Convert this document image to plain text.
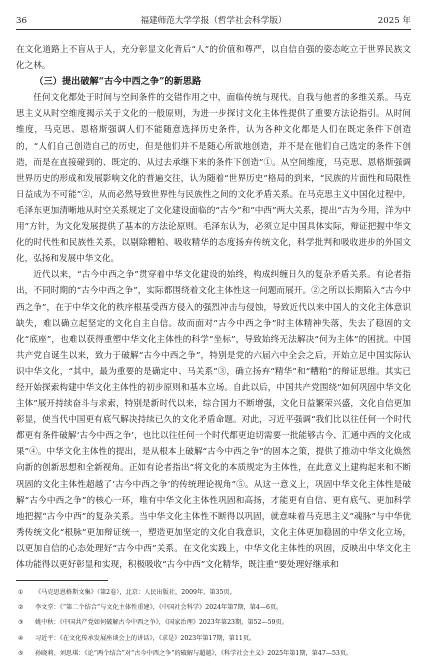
36	福建师范大学学报（哲学社会科学版）	2025 年

在文化道路上不盲从于人，充分彰显文化背后“人”的价值和尊严，以自信自强的姿态屹立于世界民族文化之林。

（三）提出破解“古今中西之争”的新思路

任何文化都处于时间与空间条件的交错作用之中，面临传统与现代、自我与他者的多维关系。马克思主义从时空维度揭示关于文化的一般原则，为进一步探讨文化主体性提供了重要方法论指引。从时间维度，马克思、恩格斯强调人们不能随意选择历史条件，认为各种文化都是人们在既定条件下创造的，“人们自己创造自己的历史，但是他们并不是随心所欲地创造，并不是在他们自己选定的条件下创造，而是在直接碰到的、既定的、从过去承继下来的条件下创造”①。从空间维度，马克思、恩格斯强调世界历史的形成和发展影响文化的普遍交往，认为随着“世界历史”格局的到来，“民族的片面性和局限性日益成为不可能”②，从而必然导致世界性与民族性之间的文化矛盾关系。在马克思主义中国化过程中，毛泽东更加清晰地从时空关系规定了文化建设面临的“古今”和“中西”两大关系，提出“古为今用，洋为中用”方针，为文化发展提供了基本的方法论原则。毛泽东认为，必须立足中国具体实际，辩证把握中华文化的时代性和民族性关系，以剔除糟粕、吸收精华的态度扬弃传统文化，科学批判和吸收进步的外国文化，弘扬和发展中华文化。

近代以来，“古今中西之争”贯穿着中华文化建设的始终，构成纠缠日久的复杂矛盾关系。有论者指出，不同时期的“古今中西之争”，实际都围绕着文化主体性这一问题而展开。②之所以长期陷入“古今中西之争”，在于中华文化的秩序根基受西方侵入的强烈冲击与侵蚀，导致近代以来中国人的文化主体意识缺失，难以确立起坚定的文化自主自信。故而面对“古今中西之争”时主体精神失落，失去了稳固的文化“底座”，也难以获得重塑中华文化主体性的科学“坐标”，导致始终无法解决“何为主体”的困扰。中国共产党自诞生以来，致力于破解“古今中西之争”，特别是党的六届六中全会之后，开始立足中国实际认识中华文化，“其中，最为重要的是确定中、马关系”③，确立扬弃“精华”和“糟粕”的辩证思维。其实已经开始探索构建中华文化主体性的初步原则和基本立场。自此以后，中国共产党围绕“如何巩固中华文化主体”展开持续奋斗与求索，特别是新时代以来，综合国力不断增强，文化日益繁荣兴盛，文化自信更加彰显，使当代中国更有底气解决持续已久的文化矛盾命题。对此，习近平强调“我们比以往任何一个时代都更有条件破解‘古今中西之争’，也比以往任何一个时代都更迫切需要一批能够古今、汇通中西的文化成果”④。中华文化主体性的提出，是从根本上破解“古今中西之争”的固本之策，提供了推动中华文化焕然向新的创新思想和全新视角。正如有论者指出“将文化的本质规定为主体性，在此意义上建构起来和不断巩固的文化主体性超越了‘古今中西之争’的传统理论视角”⑤。从这一意义上，巩固中华文化主体性是破解“古今中西之争”的核心一环，唯有中华文化主体性巩固和高扬，才能更有自信、更有底气、更加科学地把握“古今中西”的复杂关系。当中华文化主体性不断得以巩固，就意味着马克思主义“魂脉”与中华优秀传统文化“根脉”更加辩证统一，塑造更加坚定的文化自我意识，文化主体更加稳固的中华文化立场，以更加自信的心态处理好“古今中西”关系。在文化实践上，中华文化主体性的巩固，反映出中华文化主体功能得以更好彰显和实现，积极吸收“古今中西”文化精华，既注重“要处理好继承和

①	《马克思恩格斯文集》（第2卷），北京：人民出版社，2009年，第35页。
②	李文堂：《“第二个结合”与文化主体性重建》，《中国社会科学》2024年第7期，第4—6页。
③	姚中秋：《中国共产党如何破解古今中西之争》，《国家治理》2023年第23期，第52—59页。
④	习近平：《在文化传承发展座谈会上的讲话》，《求是》2023年第17期，第11页。
⑤	孙晓莉、刘思琪：《论“两个结合”对“古今中西之争”的破解与超越》，《科学社会主义》2025年第1期，第47—53页。
